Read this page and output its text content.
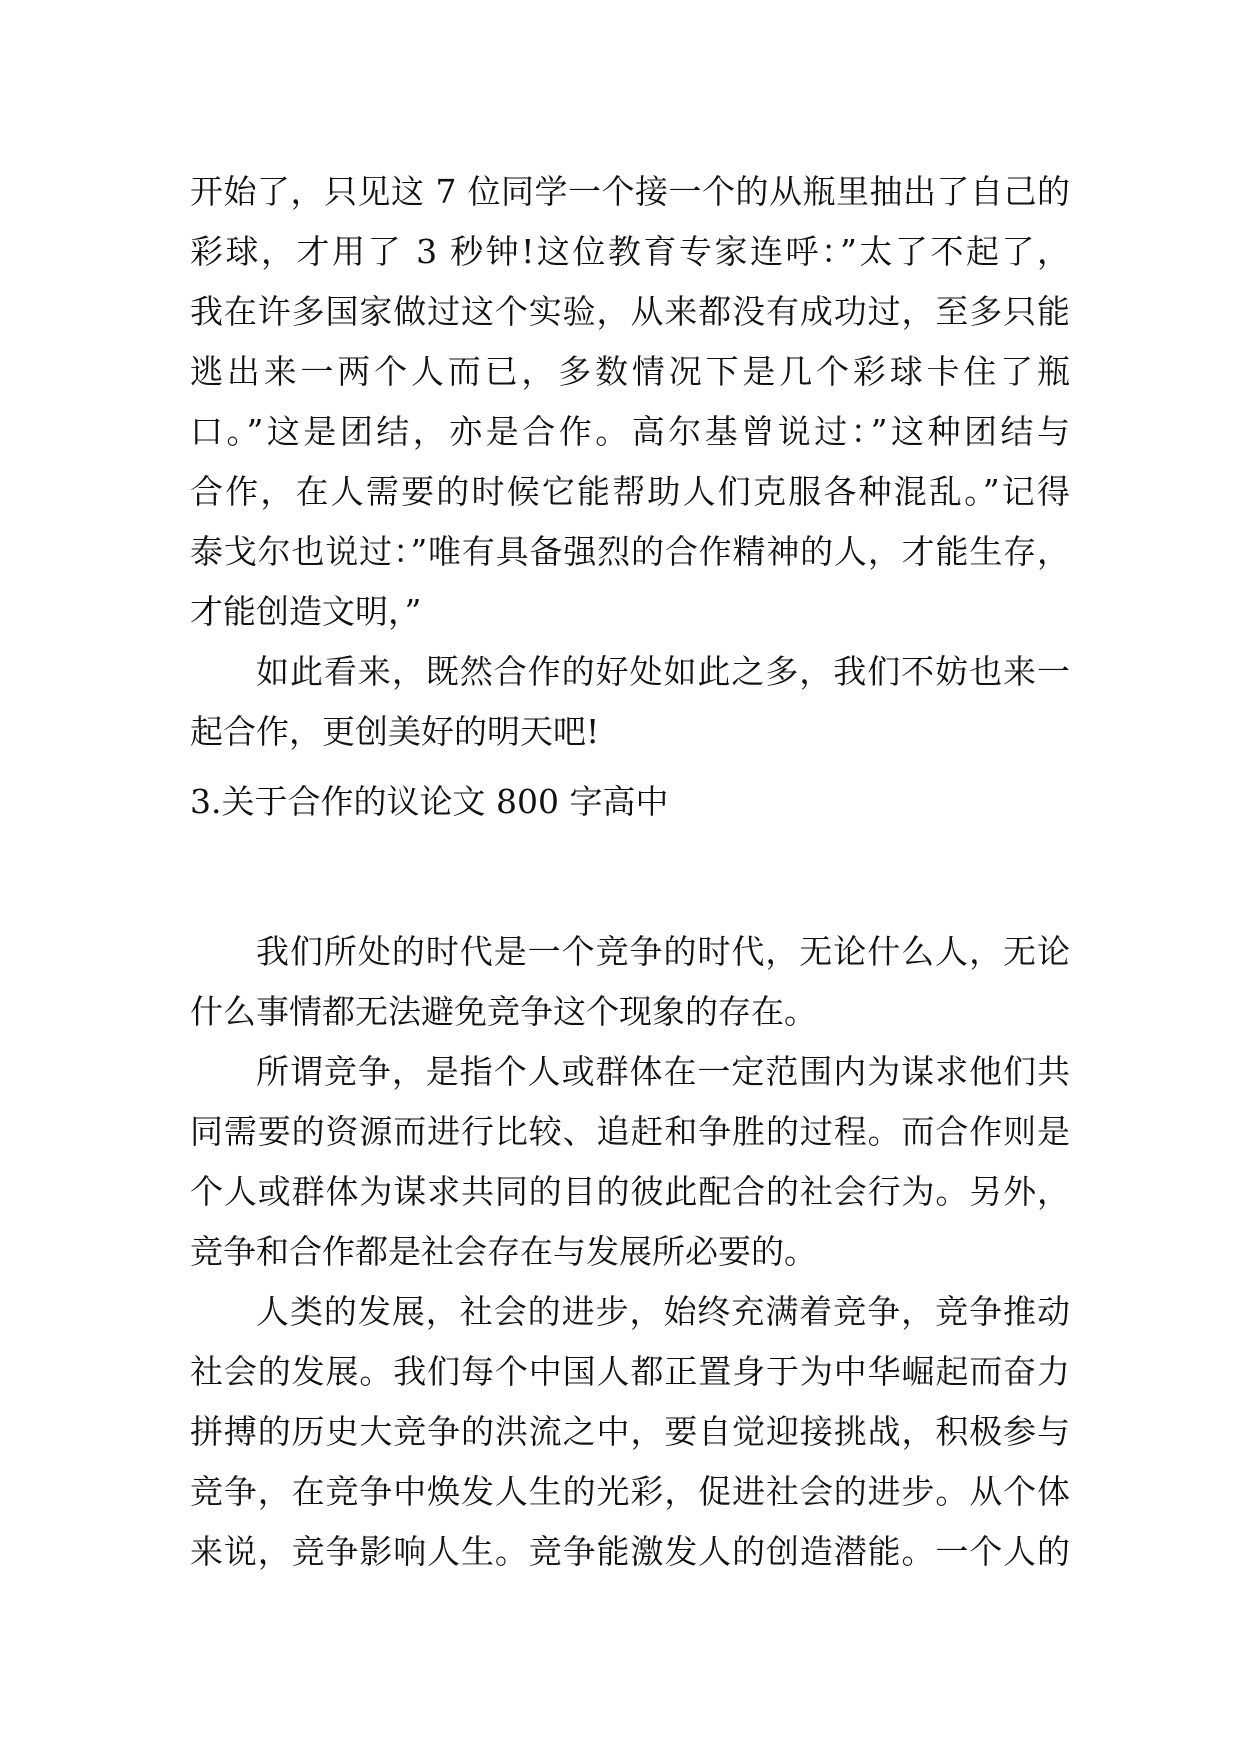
开始了，只见这 7 位同学一个接一个的从瓶里抽出了自己的
彩球，才用了 3 秒钟!这位教育专家连呼：”太了不起了，
我在许多国家做过这个实验，从来都没有成功过，至多只能
逃出来一两个人而已，多数情况下是几个彩球卡住了瓶
口。”这是团结，亦是合作。高尔基曾说过：”这种团结与
合作，在人需要的时候它能帮助人们克服各种混乱。”记得
泰戈尔也说过：”唯有具备强烈的合作精神的人，才能生存，
才能创造文明，”
如此看来，既然合作的好处如此之多，我们不妨也来一
起合作，更创美好的明天吧!
3.关于合作的议论文 800 字高中
我们所处的时代是一个竞争的时代，无论什么人，无论
什么事情都无法避免竞争这个现象的存在。
所谓竞争，是指个人或群体在一定范围内为谋求他们共
同需要的资源而进行比较、追赶和争胜的过程。而合作则是
个人或群体为谋求共同的目的彼此配合的社会行为。另外，
竞争和合作都是社会存在与发展所必要的。
人类的发展，社会的进步，始终充满着竞争，竞争推动
社会的发展。我们每个中国人都正置身于为中华崛起而奋力
拼搏的历史大竞争的洪流之中，要自觉迎接挑战，积极参与
竞争，在竞争中焕发人生的光彩，促进社会的进步。从个体
来说，竞争影响人生。竞争能激发人的创造潜能。一个人的
